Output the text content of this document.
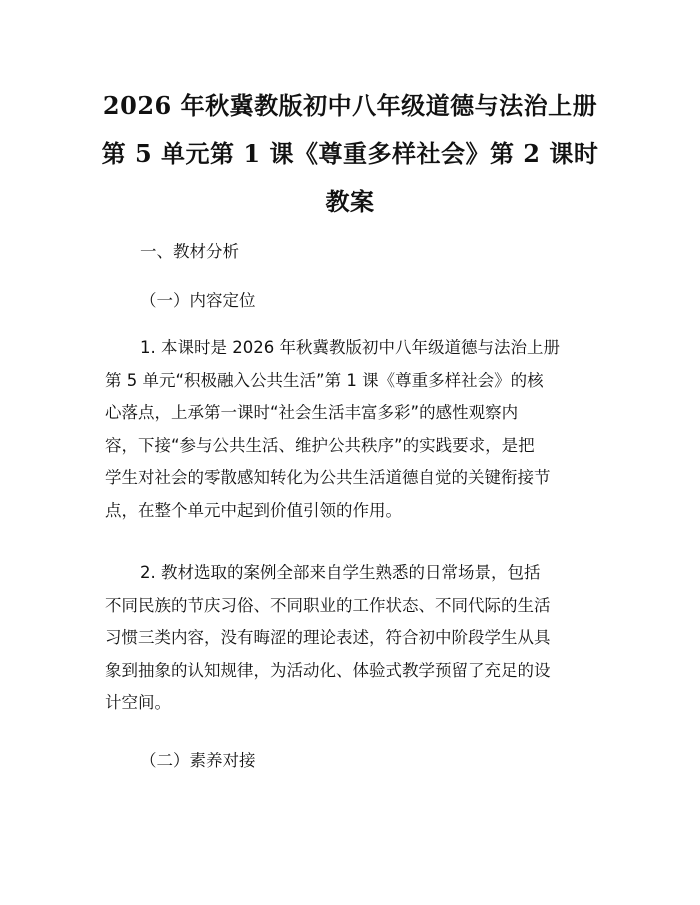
2026 年秋冀教版初中八年级道德与法治上册
第 5 单元第 1 课《尊重多样社会》第 2 课时
教案

一、教材分析

（一）内容定位

1. 本课时是 2026 年秋冀教版初中八年级道德与法治上册
第 5 单元“积极融入公共生活”第 1 课《尊重多样社会》的核
心落点，上承第一课时“社会生活丰富多彩”的感性观察内
容，下接“参与公共生活、维护公共秩序”的实践要求，是把
学生对社会的零散感知转化为公共生活道德自觉的关键衔接节
点，在整个单元中起到价值引领的作用。
2. 教材选取的案例全部来自学生熟悉的日常场景，包括
不同民族的节庆习俗、不同职业的工作状态、不同代际的生活
习惯三类内容，没有晦涩的理论表述，符合初中阶段学生从具
象到抽象的认知规律，为活动化、体验式教学预留了充足的设
计空间。

（二）素养对接
